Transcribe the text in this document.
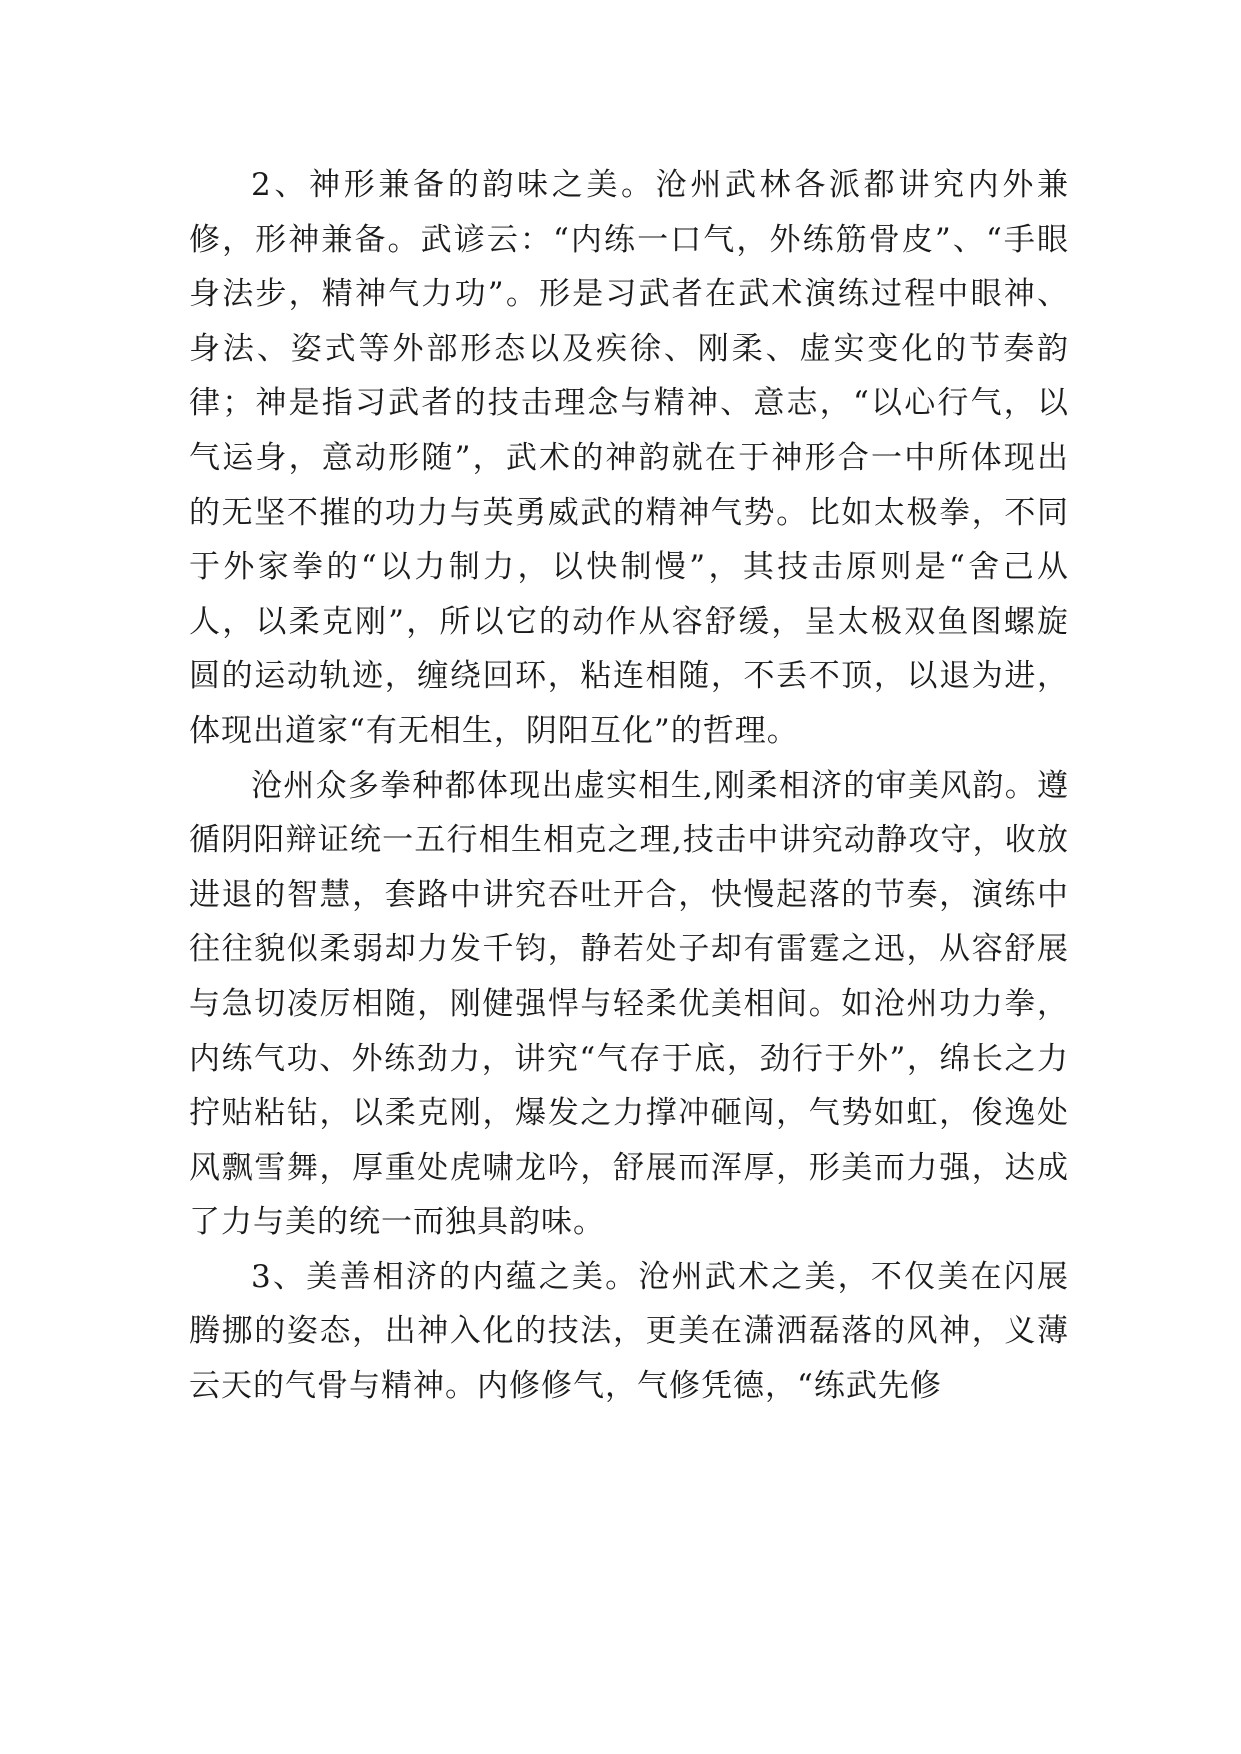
2、神形兼备的韵味之美。沧州武林各派都讲究内外兼修，形神兼备。武谚云：“内练一口气，外练筋骨皮”、“手眼身法步，精神气力功”。形是习武者在武术演练过程中眼神、身法、姿式等外部形态以及疾徐、刚柔、虚实变化的节奏韵律；神是指习武者的技击理念与精神、意志，“以心行气，以气运身，意动形随”，武术的神韵就在于神形合一中所体现出的无坚不摧的功力与英勇威武的精神气势。比如太极拳，不同于外家拳的“以力制力，以快制慢”，其技击原则是“舍己从人，以柔克刚”，所以它的动作从容舒缓，呈太极双鱼图螺旋圆的运动轨迹，缠绕回环，粘连相随，不丢不顶，以退为进，体现出道家“有无相生，阴阳互化”的哲理。

沧州众多拳种都体现出虚实相生,刚柔相济的审美风韵。遵循阴阳辩证统一五行相生相克之理,技击中讲究动静攻守，收放进退的智慧，套路中讲究吞吐开合，快慢起落的节奏，演练中往往貌似柔弱却力发千钧，静若处子却有雷霆之迅，从容舒展与急切凌厉相随，刚健强悍与轻柔优美相间。如沧州功力拳，内练气功、外练劲力，讲究“气存于底，劲行于外”，绵长之力拧贴粘钻，以柔克刚，爆发之力撑冲砸闯，气势如虹，俊逸处风飘雪舞，厚重处虎啸龙吟，舒展而浑厚，形美而力强，达成了力与美的统一而独具韵味。

3、美善相济的内蕴之美。沧州武术之美，不仅美在闪展腾挪的姿态，出神入化的技法，更美在潇洒磊落的风神，义薄云天的气骨与精神。内修修气，气修凭德，“练武先修
